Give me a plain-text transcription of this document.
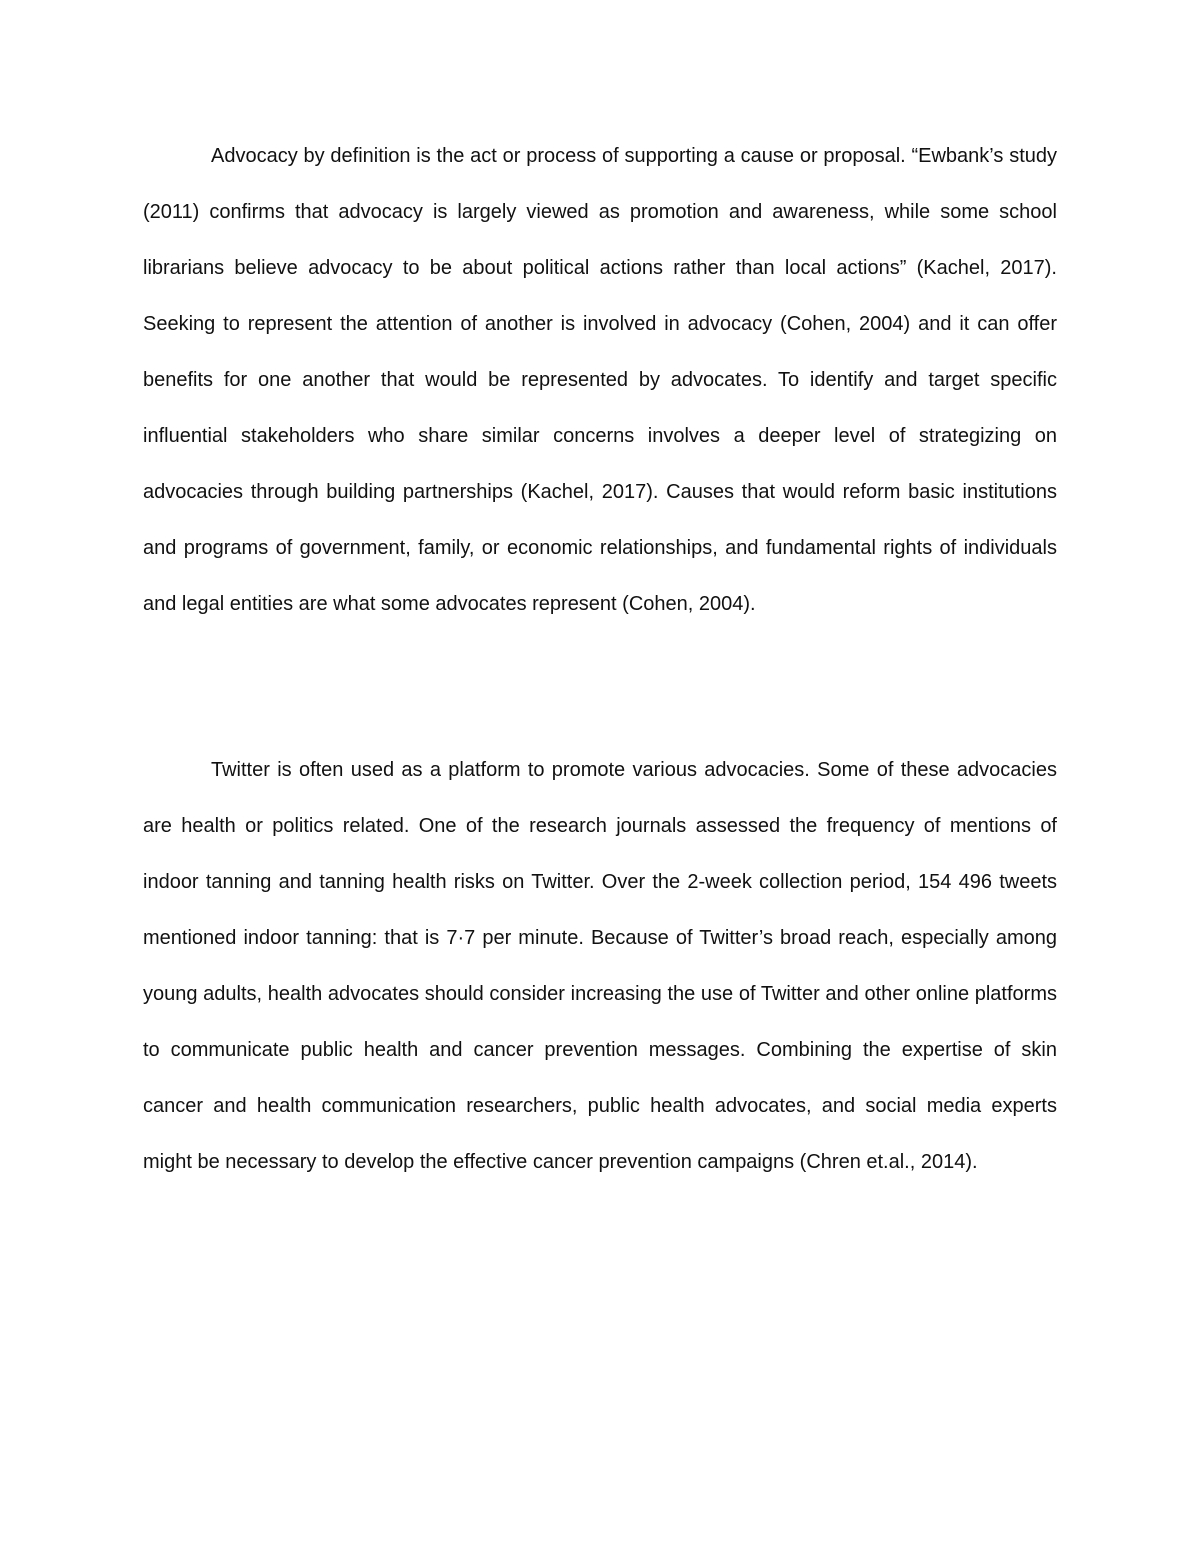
Advocacy by definition is the act or process of supporting a cause or proposal. “Ewbank’s study (2011) confirms that advocacy is largely viewed as promotion and awareness, while some school librarians believe advocacy to be about political actions rather than local actions” (Kachel, 2017). Seeking to represent the attention of another is involved in advocacy (Cohen, 2004) and it can offer benefits for one another that would be represented by advocates. To identify and target specific influential stakeholders who share similar concerns involves a deeper level of strategizing on advocacies through building partnerships (Kachel, 2017). Causes that would reform basic institutions and programs of government, family, or economic relationships, and fundamental rights of individuals and legal entities are what some advocates represent (Cohen, 2004).

Twitter is often used as a platform to promote various advocacies. Some of these advocacies are health or politics related. One of the research journals assessed the frequency of mentions of indoor tanning and tanning health risks on Twitter. Over the 2-week collection period, 154 496 tweets mentioned indoor tanning: that is 7·7 per minute. Because of Twitter’s broad reach, especially among young adults, health advocates should consider increasing the use of Twitter and other online platforms to communicate public health and cancer prevention messages. Combining the expertise of skin cancer and health communication researchers, public health advocates, and social media experts might be necessary to develop the effective cancer prevention campaigns (Chren et.al., 2014).
